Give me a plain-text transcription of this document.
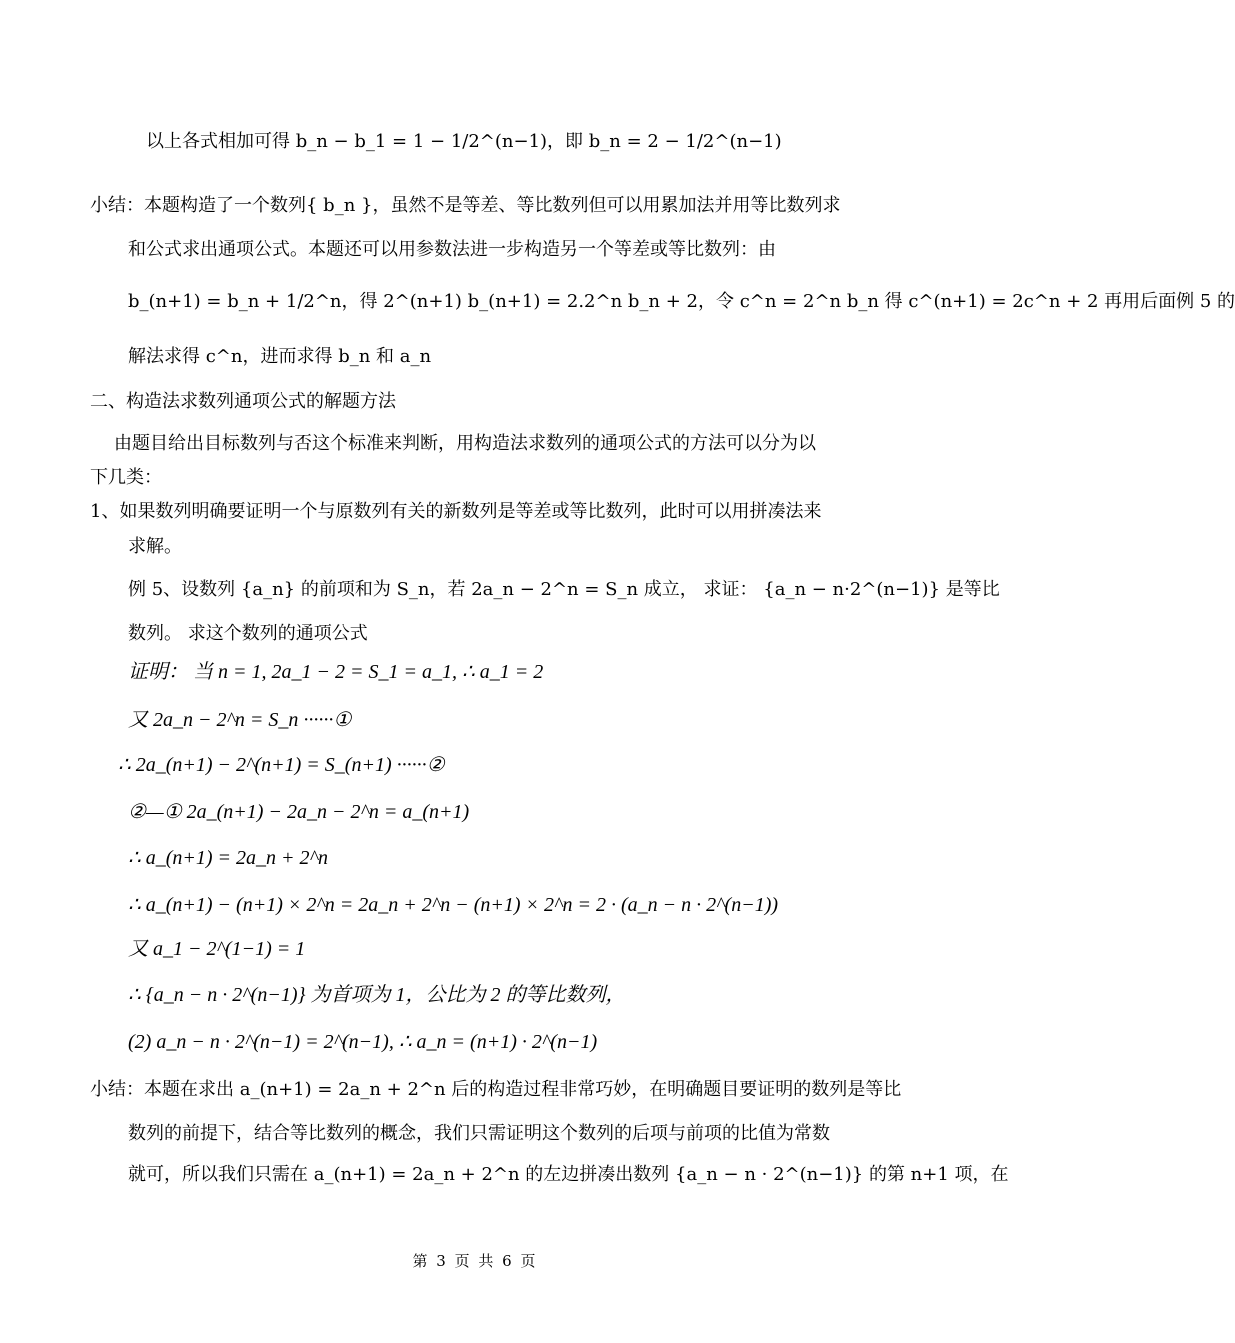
以上各式相加可得 b_n − b_1 = 1 − 1/2^(n−1)，即 b_n = 2 − 1/2^(n−1)
小结：本题构造了一个数列{ b_n }，虽然不是等差、等比数列但可以用累加法并用等比数列求
和公式求出通项公式。本题还可以用参数法进一步构造另一个等差或等比数列：由
b_(n+1) = b_n + 1/2^n，得 2^(n+1) b_(n+1) = 2.2^n b_n + 2，令 c^n = 2^n b_n 得 c^(n+1) = 2c^n + 2 再用后面例 5 的
解法求得 c^n，进而求得 b_n 和 a_n
二、构造法求数列通项公式的解题方法
由题目给出目标数列与否这个标准来判断，用构造法求数列的通项公式的方法可以分为以
下几类：
1、如果数列明确要证明一个与原数列有关的新数列是等差或等比数列，此时可以用拼凑法来
求解。
例 5、设数列 {a_n} 的前项和为 S_n，若 2a_n − 2^n = S_n 成立， 求证： {a_n − n·2^(n−1)} 是等比
数列。 求这个数列的通项公式
证明： 当 n = 1, 2a_1 − 2 = S_1 = a_1, ∴ a_1 = 2
又 2a_n − 2^n = S_n ······①
∴ 2a_(n+1) − 2^(n+1) = S_(n+1) ······②
②—① 2a_(n+1) − 2a_n − 2^n = a_(n+1)
∴ a_(n+1) = 2a_n + 2^n
∴ a_(n+1) − (n+1) × 2^n = 2a_n + 2^n − (n+1) × 2^n = 2 · (a_n − n · 2^(n−1))
又 a_1 − 2^(1−1) = 1
∴ {a_n − n · 2^(n−1)} 为首项为 1，公比为 2 的等比数列，
(2) a_n − n · 2^(n−1) = 2^(n−1), ∴ a_n = (n+1) · 2^(n−1)
小结：本题在求出 a_(n+1) = 2a_n + 2^n 后的构造过程非常巧妙，在明确题目要证明的数列是等比
数列的前提下，结合等比数列的概念，我们只需证明这个数列的后项与前项的比值为常数
就可，所以我们只需在 a_(n+1) = 2a_n + 2^n 的左边拼凑出数列 {a_n − n · 2^(n−1)} 的第 n+1 项，在
第 3 页 共 6 页
